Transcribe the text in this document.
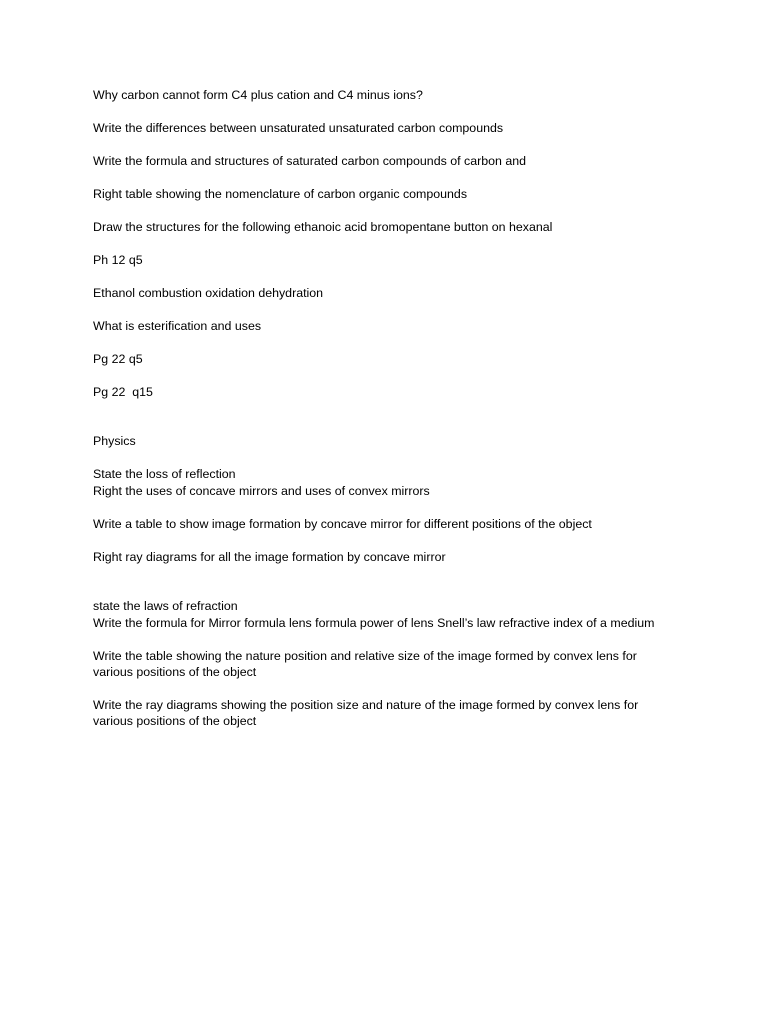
Why carbon cannot form C4 plus cation and C4 minus ions?

Write the differences between unsaturated unsaturated carbon compounds

Write the formula and structures of saturated carbon compounds of carbon and

Right table showing the nomenclature of carbon organic compounds

Draw the structures for the following ethanoic acid bromopentane button on hexanal

Ph 12 q5

Ethanol combustion oxidation dehydration

What is esterification and uses

Pg 22 q5

Pg 22  q15

Physics

State the loss of reflection

Right the uses of concave mirrors and uses of convex mirrors

Write a table to show image formation by concave mirror for different positions of the object

Right ray diagrams for all the image formation by concave mirror

state the laws of refraction

Write the formula for Mirror formula lens formula power of lens Snell’s law refractive index of a medium

Write the table showing the nature position and relative size of the image formed by convex lens for various positions of the object

Write the ray diagrams showing the position size and nature of the image formed by convex lens for various positions of the object
